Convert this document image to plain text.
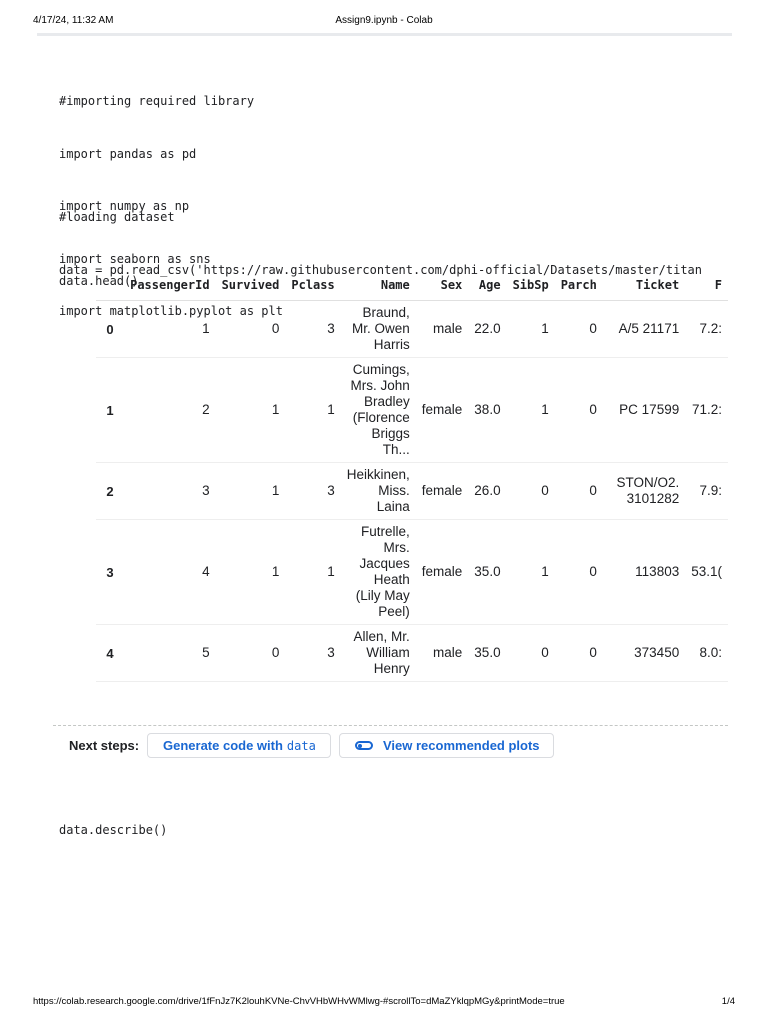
4/17/24, 11:32 AM	Assign9.ipynb - Colab

#importing required library

import pandas as pd

import numpy as np

import seaborn as sns

import matplotlib.pyplot as plt

#loading dataset

data = pd.read_csv('https://raw.githubusercontent.com/dphi-official/Datasets/master/titan

data.head()

	PassengerId	Survived	Pclass	Name	Sex	Age	SibSp	Parch	Ticket	F
0	1	0	3	Braund, Mr. Owen Harris	male	22.0	1	0	A/5 21171	7.2:
1	2	1	1	Cumings, Mrs. John Bradley (Florence Briggs Th...	female	38.0	1	0	PC 17599	71.2:
2	3	1	3	Heikkinen, Miss. Laina	female	26.0	0	0	STON/O2. 3101282	7.9:
3	4	1	1	Futrelle, Mrs. Jacques Heath (Lily May Peel)	female	35.0	1	0	113803	53.1(
4	5	0	3	Allen, Mr. William Henry	male	35.0	0	0	373450	8.0:
Next steps: Generate code with data	View recommended plots

data.describe()

https://colab.research.google.com/drive/1fFnJz7K2louhKVNe-ChvVHbWHvWMlwg-#scrollTo=dMaZYklqpMGy&printMode=true	1/4
